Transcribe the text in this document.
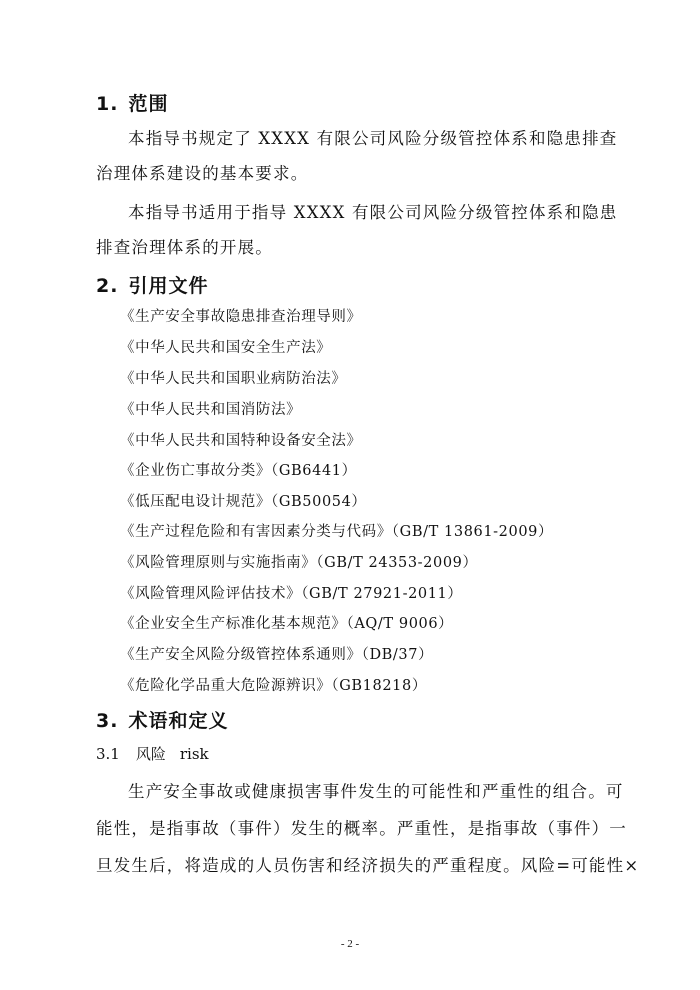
1. 范围
本指导书规定了 XXXX 有限公司风险分级管控体系和隐患排查
治理体系建设的基本要求。
本指导书适用于指导 XXXX 有限公司风险分级管控体系和隐患
排查治理体系的开展。
2. 引用文件
《生产安全事故隐患排查治理导则》
《中华人民共和国安全生产法》
《中华人民共和国职业病防治法》
《中华人民共和国消防法》
《中华人民共和国特种设备安全法》
《企业伤亡事故分类》（GB6441）
《低压配电设计规范》（GB50054）
《生产过程危险和有害因素分类与代码》（GB/T 13861-2009）
《风险管理原则与实施指南》（GB/T 24353-2009）
《风险管理风险评估技术》（GB/T 27921-2011）
《企业安全生产标准化基本规范》（AQ/T 9006）
《生产安全风险分级管控体系通则》（DB/37）
《危险化学品重大危险源辨识》（GB18218）
3. 术语和定义
3.1 风险 risk
生产安全事故或健康损害事件发生的可能性和严重性的组合。可
能性，是指事故（事件）发生的概率。严重性，是指事故（事件）一
旦发生后，将造成的人员伤害和经济损失的严重程度。风险=可能性×
- 2 -
